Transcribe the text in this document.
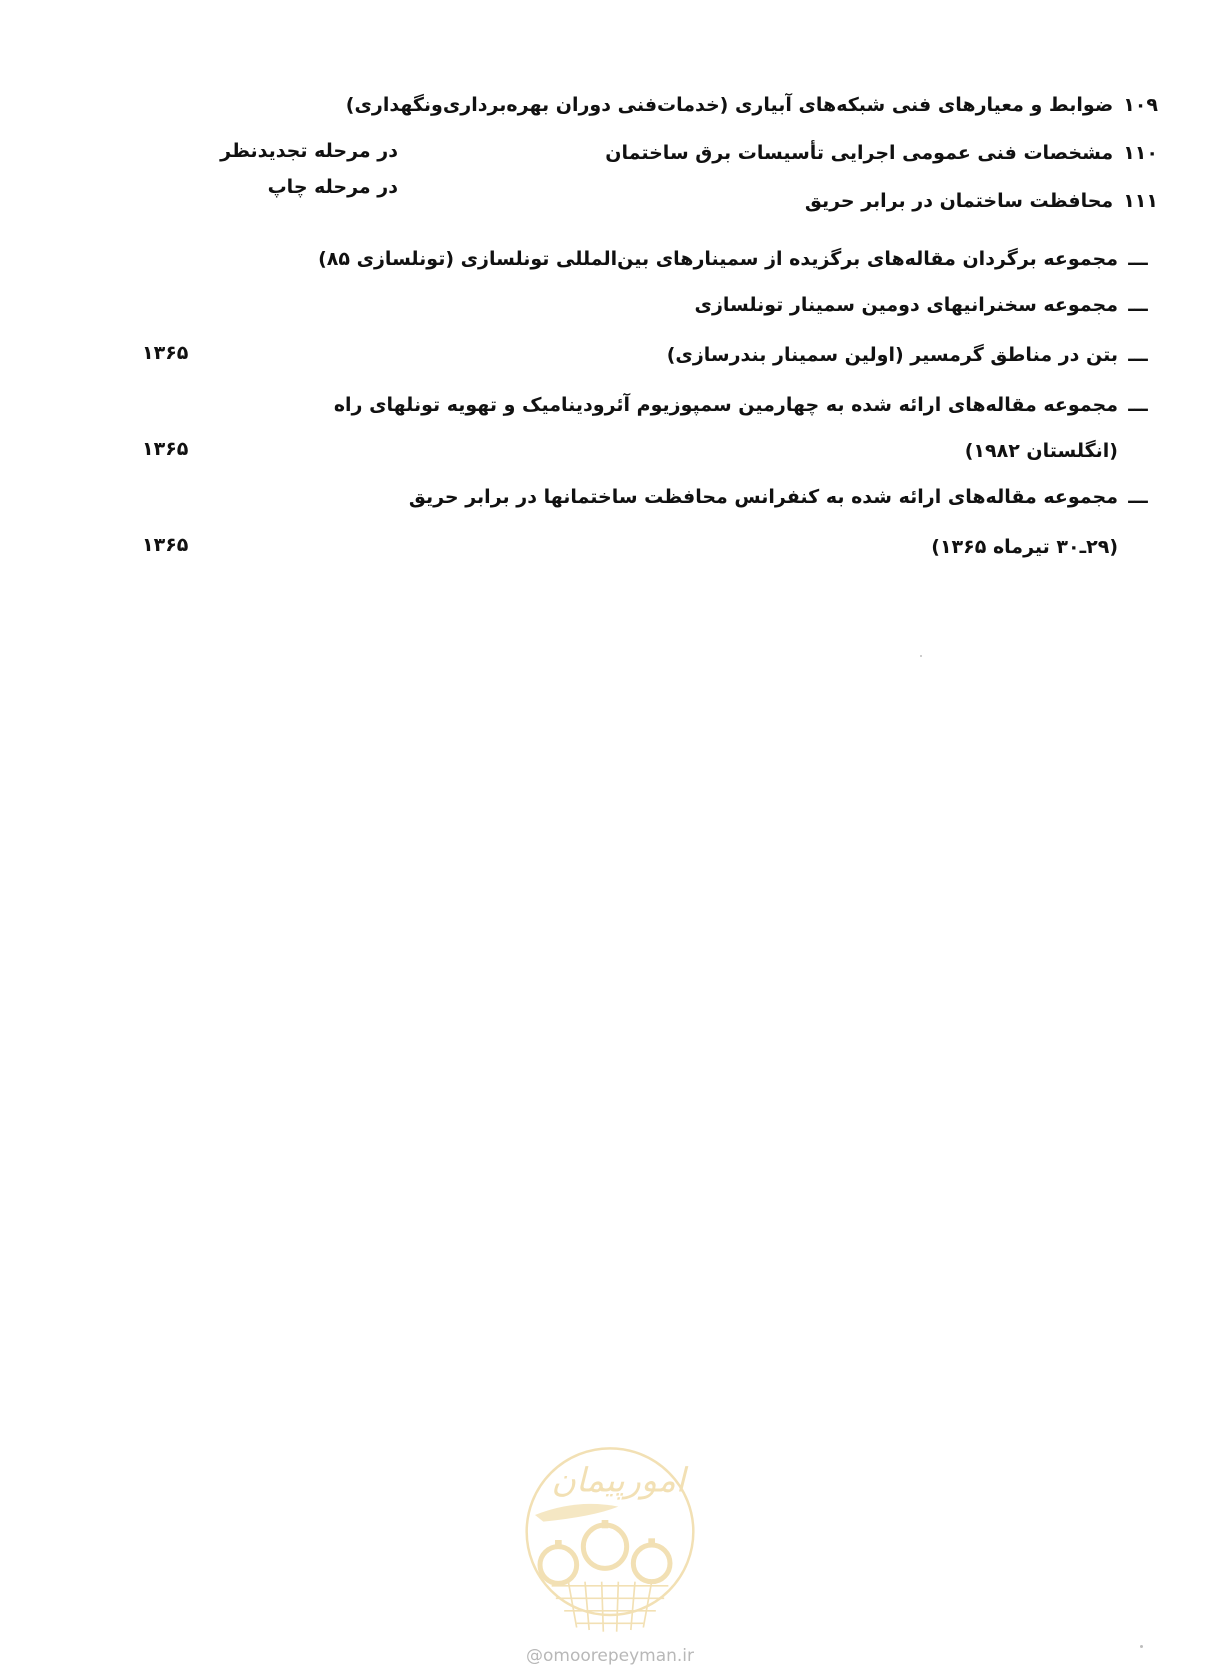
۱۰۹ضوابط و معیارهای فنی شبکه‌های آبیاری (خدمات‌فنی دوران بهره‌برداری‌ونگهداری)
۱۱۰مشخصات فنی عمومی اجرایی تأسیسات برق ساختمان
در مرحله تجدیدنظر
۱۱۱محافظت ساختمان در برابر حریق
در مرحله چاپ
ـــمجموعه برگردان مقاله‌های برگزیده از سمینارهای بین‌المللی تونلسازی (تونلسازی ۸۵)
ـــمجموعه سخنرانیهای دومین سمینار تونلسازی
ـــبتن در مناطق گرمسیر (اولین سمینار بندرسازی)
۱۳۶۵
ـــمجموعه مقاله‌های ارائه شده به چهارمین سمپوزیوم آئرودینامیک و تهویه تونلهای راه
(انگلستان ۱۹۸۲)
۱۳۶۵
ـــمجموعه مقاله‌های ارائه شده به کنفرانس محافظت ساختمانها در برابر حریق
(۲۹ـ۳۰ تیرماه ۱۳۶۵)
۱۳۶۵
امورپیمان
@omoorepeyman.ir
